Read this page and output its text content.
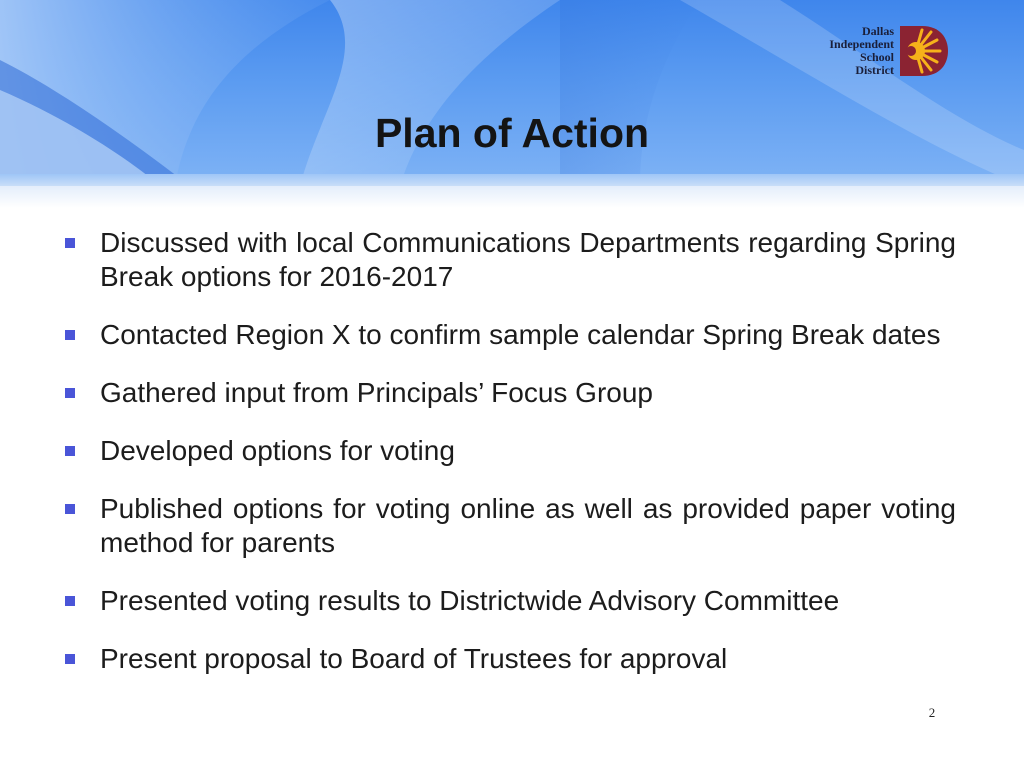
Dallas
Independent
School
District
Plan of Action
Discussed with local Communications Departments regarding Spring Break options for 2016-2017
Contacted Region X to confirm sample calendar Spring Break dates
Gathered input from Principals’ Focus Group
Developed options for voting
Published options for voting online as well as provided paper voting method for parents
Presented voting results to Districtwide Advisory Committee
Present proposal to Board of Trustees for approval
2
